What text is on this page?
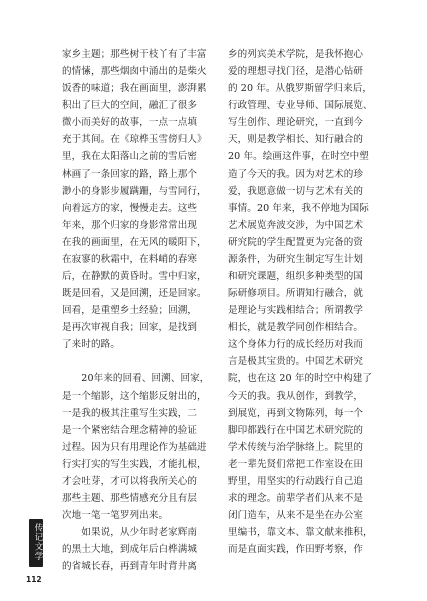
家乡主题；那些树干枝丫有了丰富
的情愫，那些烟囱中涌出的是柴火
饭香的味道；我在画面里，澎湃累
积出了巨大的空间，融汇了很多
微小而美好的故事，一点一点填
充于其间。在《琼桦玉雪傍归人》
里，我在太阳落山之前的雪后密
林画了一条回家的路，路上那个
渺小的身影步履蹒跚，与雪同行，
向着远方的家，慢慢走去。这些
年来，那个归家的身影常常出现
在我的画面里，在无风的暖阳下，
在寂寥的秋霜中，在料峭的春寒
后，在静默的黄昏时。雪中归家，
既是回看，又是回溯，还是回家。
回看，是重塑乡土经验；回溯，
是再次审视自我；回家，是找到
了来时的路。
　　20年来的回看、回溯、回家，
是一个缩影，这个缩影反射出的，
一是我的极其注重写生实践，二
是一个紧密结合理念精神的验证
过程。因为只有用理论作为基础进
行实打实的写生实践，才能扎根，
才会吐芽，才可以将我所关心的
那些主题、那些情感充分且有层
次地一笔一笔罗列出来。
　　如果说，从少年时老家辉南
的黑土大地，到成年后白桦满城
的省城长春，再到青年时背井离
乡的列宾美术学院，是我怀抱心
爱的理想寻找门径，是潜心钻研
的 20 年。从俄罗斯留学归来后，
行政管理、专业导师、国际展览、
写生创作、理论研究，一直到今
天，则是教学相长、知行融合的
20 年。绘画这件事，在时空中塑
造了今天的我。因为对艺术的珍
爱，我愿意做一切与艺术有关的
事情。20 年来，我不停地为国际
艺术展览奔波交涉，为中国艺术
研究院的学生配置更为完备的资
源条件，为研究生制定写生计划
和研究课题，组织多种类型的国
际研修项目。所谓知行融合，就
是理论与实践相结合；所谓教学
相长，就是教学同创作相结合。
这个身体力行的成长经历对我而
言是极其宝贵的。中国艺术研究
院，也在这 20 年的时空中构建了
今天的我。我从创作，到教学，
到展览，再到文物陈列，每一个
脚印都践行在中国艺术研究院的
学术传统与治学脉络上。院里的
老一辈先贤们常把工作室设在田
野里，用坚实的行动践行自己追
求的理念。前辈学者们从来不是
闭门造车，从来不是坐在办公室
里编书，靠文本、靠文献来推积，
而是直面实践，作田野考察，作
传记文学
112
